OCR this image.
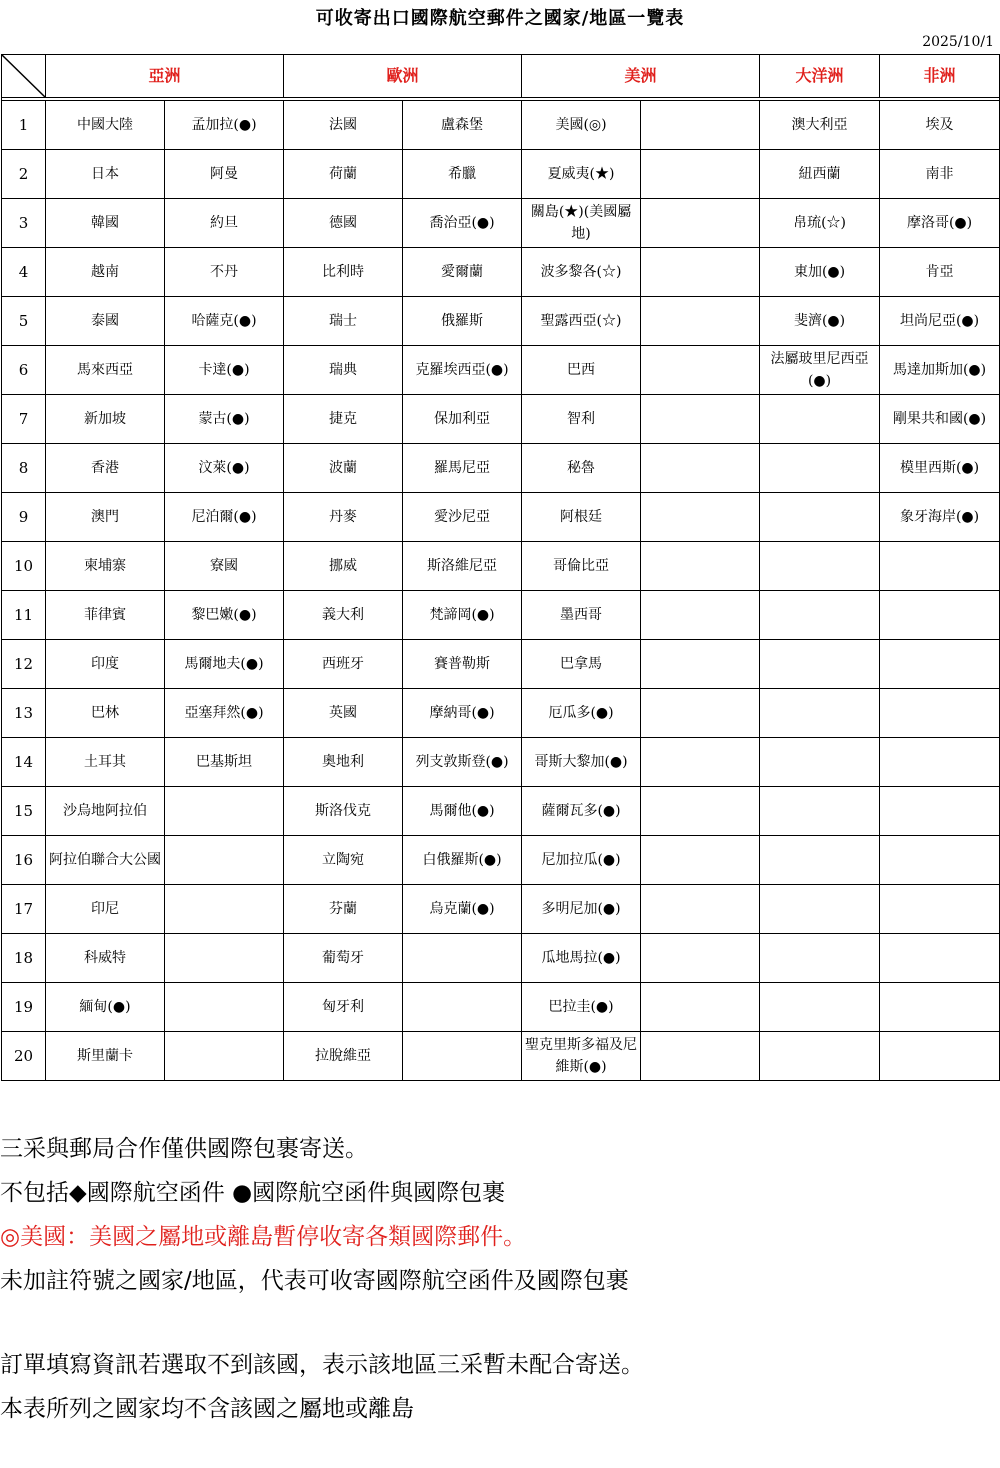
可收寄出口國際航空郵件之國家/地區一覽表
2025/10/1
	亞洲		歐洲		美洲		大洋洲	非洲

1	中國大陸	孟加拉(●)	法國	盧森堡	美國(◎)		澳大利亞	埃及
2	日本	阿曼	荷蘭	希臘	夏威夷(★)		紐西蘭	南非
3	韓國	約旦	德國	喬治亞(●)	關島(★)(美國屬地)		帛琉(☆)	摩洛哥(●)
4	越南	不丹	比利時	愛爾蘭	波多黎各(☆)		東加(●)	肯亞
5	泰國	哈薩克(●)	瑞士	俄羅斯	聖露西亞(☆)		斐濟(●)	坦尚尼亞(●)
6	馬來西亞	卡達(●)	瑞典	克羅埃西亞(●)	巴西		法屬玻里尼西亞(●)	馬達加斯加(●)
7	新加坡	蒙古(●)	捷克	保加利亞	智利			剛果共和國(●)
8	香港	汶萊(●)	波蘭	羅馬尼亞	秘魯			模里西斯(●)
9	澳門	尼泊爾(●)	丹麥	愛沙尼亞	阿根廷			象牙海岸(●)
10	柬埔寨	寮國	挪威	斯洛維尼亞	哥倫比亞			
11	菲律賓	黎巴嫩(●)	義大利	梵諦岡(●)	墨西哥			
12	印度	馬爾地夫(●)	西班牙	賽普勒斯	巴拿馬			
13	巴林	亞塞拜然(●)	英國	摩納哥(●)	厄瓜多(●)			
14	土耳其	巴基斯坦	奧地利	列支敦斯登(●)	哥斯大黎加(●)			
15	沙烏地阿拉伯		斯洛伐克	馬爾他(●)	薩爾瓦多(●)			
16	阿拉伯聯合大公國		立陶宛	白俄羅斯(●)	尼加拉瓜(●)			
17	印尼		芬蘭	烏克蘭(●)	多明尼加(●)			
18	科威特		葡萄牙		瓜地馬拉(●)			
19	緬甸(●)		匈牙利		巴拉圭(●)			
20	斯里蘭卡		拉脫維亞		聖克里斯多福及尼維斯(●)			
三采與郵局合作僅供國際包裹寄送。
不包括◆國際航空函件 ●國際航空函件與國際包裹
◎美國：美國之屬地或離島暫停收寄各類國際郵件。
未加註符號之國家/地區，代表可收寄國際航空函件及國際包裹
訂單填寫資訊若選取不到該國，表示該地區三采暫未配合寄送。
本表所列之國家均不含該國之屬地或離島
